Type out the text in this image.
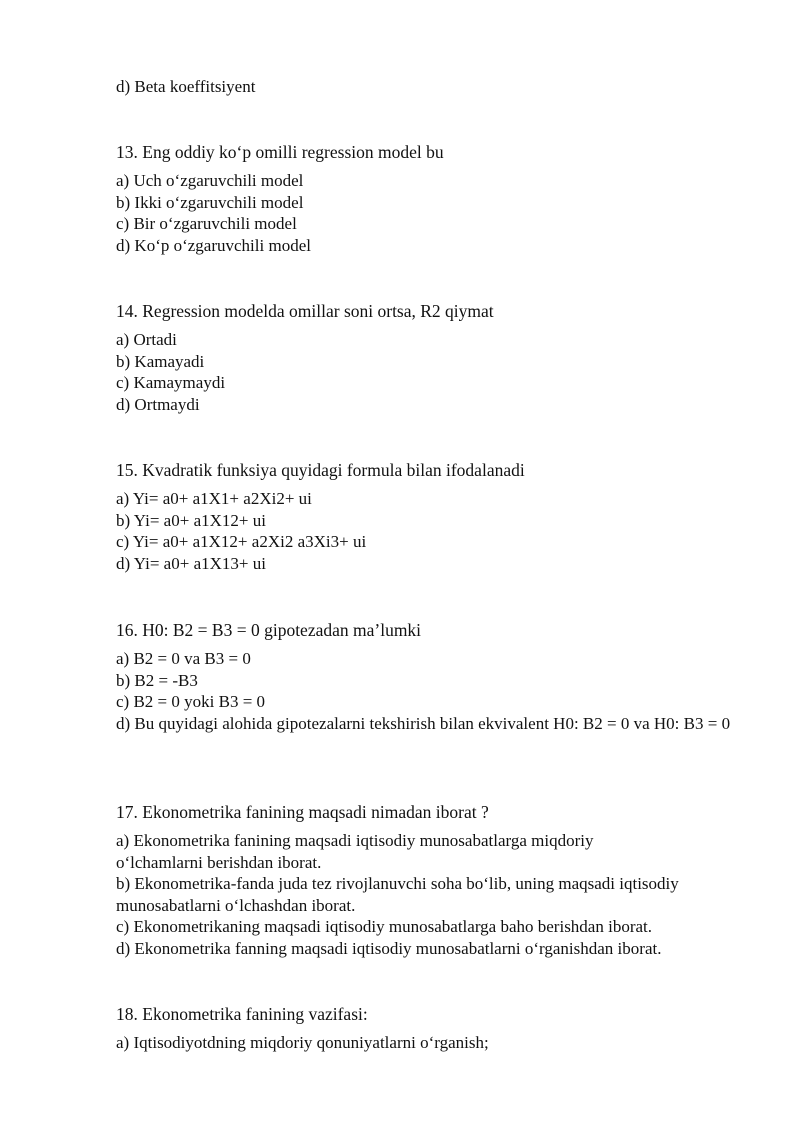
d) Beta koeffitsiyent

13. Eng oddiy ko‘p omilli regression model bu

a) Uch o‘zgaruvchili model

b) Ikki o‘zgaruvchili model

c) Bir o‘zgaruvchili model

d) Ko‘p o‘zgaruvchili model

14. Regression modelda omillar soni ortsa, R2 qiymat

a) Ortadi

b) Kamayadi

c) Kamaymaydi

d) Ortmaydi

15. Kvadratik funksiya quyidagi formula bilan ifodalanadi

a) Yi= a0+ a1X1+ a2Xi2+ ui

b) Yi= a0+ a1X12+ ui

c) Yi= a0+ a1X12+ a2Xi2 a3Xi3+ ui

d) Yi= a0+ a1X13+ ui

16. H0: B2 = B3 = 0 gipotezadan ma’lumki

a) B2 = 0 va B3 = 0

b) B2 = -B3

c) B2 = 0 yoki B3 = 0

d) Bu quyidagi alohida gipotezalarni tekshirish bilan ekvivalent H0: B2 = 0 va H0: B3 = 0

17. Ekonometrika fanining maqsadi nimadan iborat ?

a) Ekonometrika fanining maqsadi iqtisodiy munosabatlarga miqdoriy o‘lchamlarni berishdan iborat.

b) Ekonometrika-fanda juda tez rivojlanuvchi soha bo‘lib, uning maqsadi iqtisodiy munosabatlarni o‘lchashdan iborat.

c) Ekonometrikaning maqsadi iqtisodiy munosabatlarga baho berishdan iborat.

d) Ekonometrika fanning maqsadi iqtisodiy munosabatlarni o‘rganishdan iborat.

18. Ekonometrika fanining vazifasi:

a) Iqtisodiyotdning miqdoriy qonuniyatlarni o‘rganish;
